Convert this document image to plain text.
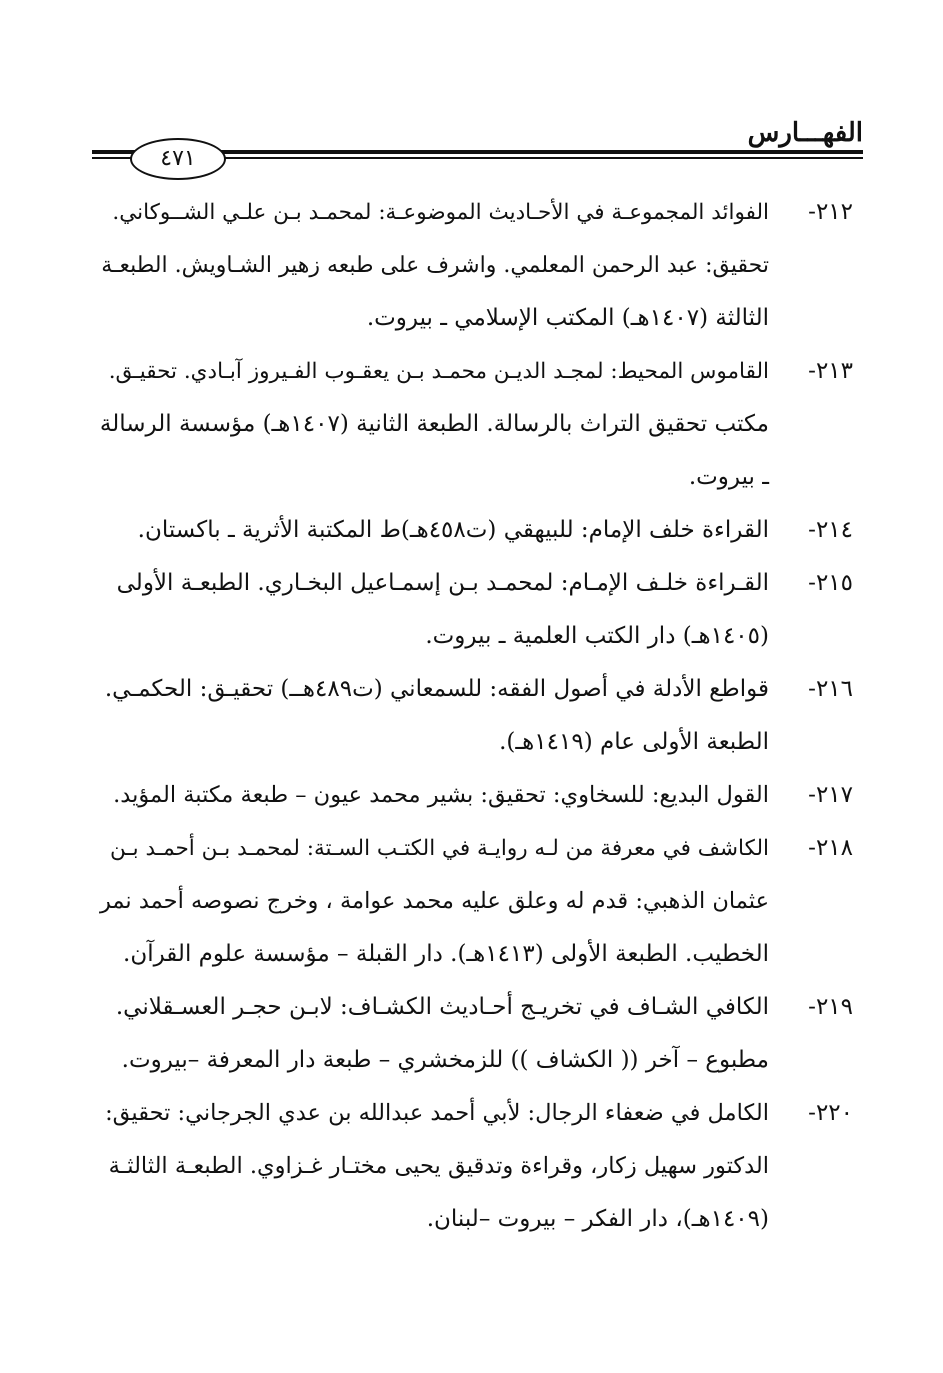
الفهـــارس
٤٧١
٢١٢-
الفوائد المجموعـة في الأحـاديث الموضوعـة: لمحمـد بـن علـي الشــوكاني.
تحقيق: عبد الرحمن المعلمي. واشرف على طبعه زهير الشـاويش. الطبعـة
الثالثة (١٤٠٧هـ) المكتب الإسلامي ـ بيروت.
٢١٣-
القاموس المحيط: لمجـد الديـن محمـد بـن يعقـوب الفـيروز آبـادي. تحقيـق.
مكتب تحقيق التراث بالرسالة. الطبعة الثانية (١٤٠٧هـ) مؤسسة الرسالة
ـ بيروت.
٢١٤-
القراءة خلف الإمام: للبيهقي (ت٤٥٨هـ)ط المكتبة الأثرية ـ باكستان.
٢١٥-
القـراءة خلـف الإمـام: لمحمـد بـن إسمـاعيل البخـاري. الطبعـة الأولى
(١٤٠٥هـ) دار الكتب العلمية ـ بيروت.
٢١٦-
قواطع الأدلة في أصول الفقه: للسمعاني (ت٤٨٩هــ) تحقيـق: الحكمـي.
الطبعة الأولى عام (١٤١٩هـ).
٢١٧-
القول البديع: للسخاوي: تحقيق: بشير محمد عيون – طبعة مكتبة المؤيد.
٢١٨-
الكاشف في معرفة من لـه روايـة في الكتـب السـتة: لمحمـد بـن أحمـد بـن
عثمان الذهبي: قدم له وعلق عليه محمد عوامة ، وخرج نصوصه أحمد نمر
الخطيب. الطبعة الأولى (١٤١٣هـ). دار القبلة – مؤسسة علوم القرآن.
٢١٩-
الكافي الشـاف في تخريـج أحـاديث الكشـاف: لابـن حجـر العسـقلاني.
مطبوع – آخر (( الكشاف )) للزمخشري – طبعة دار المعرفة –بيروت.
٢٢٠-
الكامل في ضعفاء الرجال: لأبي أحمد عبدالله بن عدي الجرجاني: تحقيق:
الدكتور سهيل زكار، وقراءة وتدقيق يحيى مختـار غـزاوي. الطبعـة الثالثـة
(١٤٠٩هـ)، دار الفكر – بيروت –لبنان.
